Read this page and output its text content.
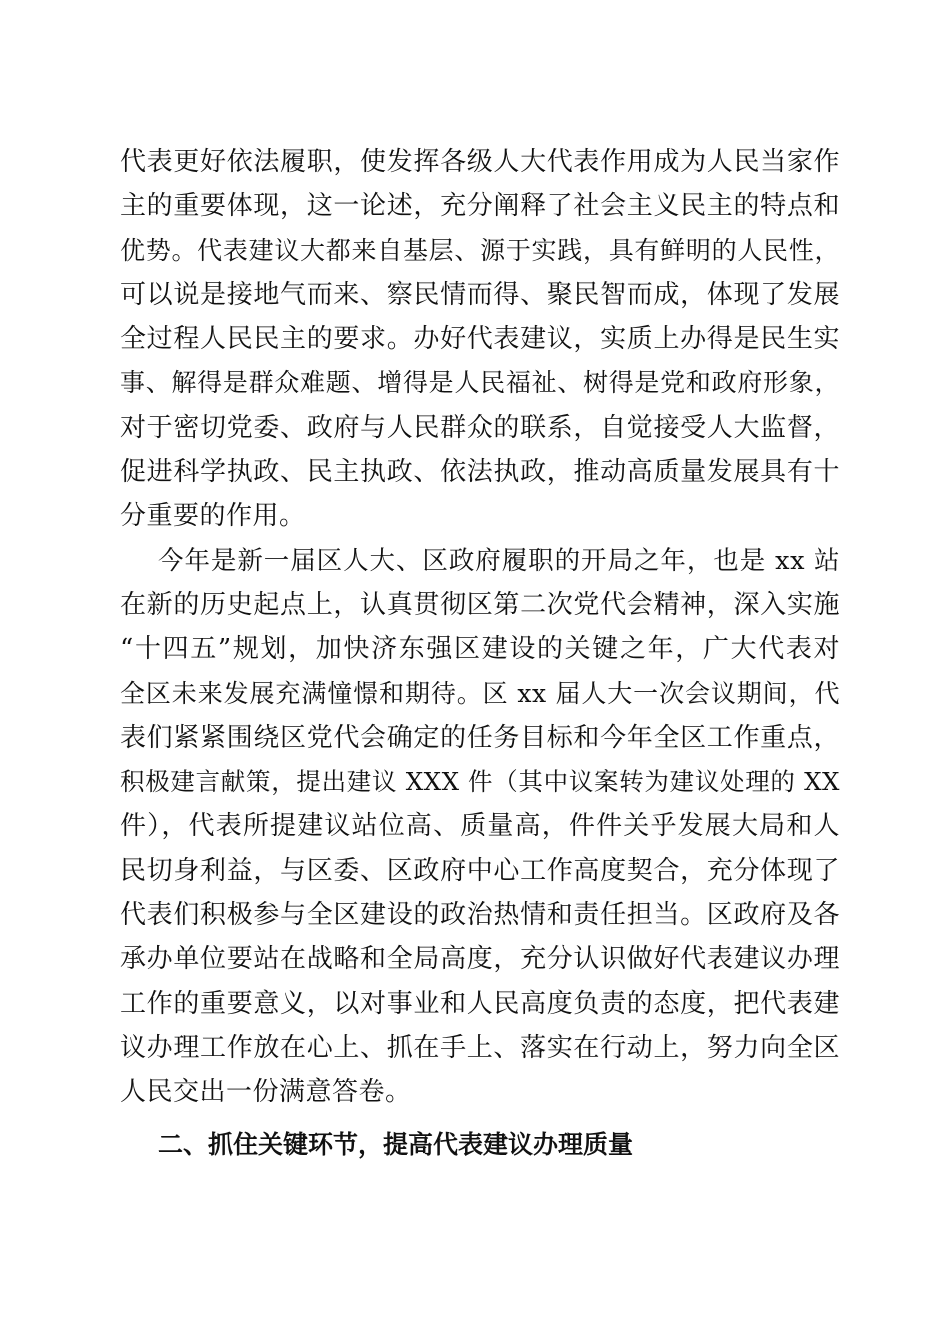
代表更好依法履职，使发挥各级人大代表作用成为人民当家作
主的重要体现，这一论述，充分阐释了社会主义民主的特点和
优势。代表建议大都来自基层、源于实践，具有鲜明的人民性，
可以说是接地气而来、察民情而得、聚民智而成，体现了发展
全过程人民民主的要求。办好代表建议，实质上办得是民生实
事、解得是群众难题、增得是人民福祉、树得是党和政府形象，
对于密切党委、政府与人民群众的联系，自觉接受人大监督，
促进科学执政、民主执政、依法执政，推动高质量发展具有十
分重要的作用。
今年是新一届区人大、区政府履职的开局之年，也是 xx 站
在新的历史起点上，认真贯彻区第二次党代会精神，深入实施
“十四五”规划，加快济东强区建设的关键之年，广大代表对
全区未来发展充满憧憬和期待。区 xx 届人大一次会议期间，代
表们紧紧围绕区党代会确定的任务目标和今年全区工作重点，
积极建言献策，提出建议 XXX 件（其中议案转为建议处理的 XX
件），代表所提建议站位高、质量高，件件关乎发展大局和人
民切身利益，与区委、区政府中心工作高度契合，充分体现了
代表们积极参与全区建设的政治热情和责任担当。区政府及各
承办单位要站在战略和全局高度，充分认识做好代表建议办理
工作的重要意义，以对事业和人民高度负责的态度，把代表建
议办理工作放在心上、抓在手上、落实在行动上，努力向全区
人民交出一份满意答卷。
二、抓住关键环节，提高代表建议办理质量
